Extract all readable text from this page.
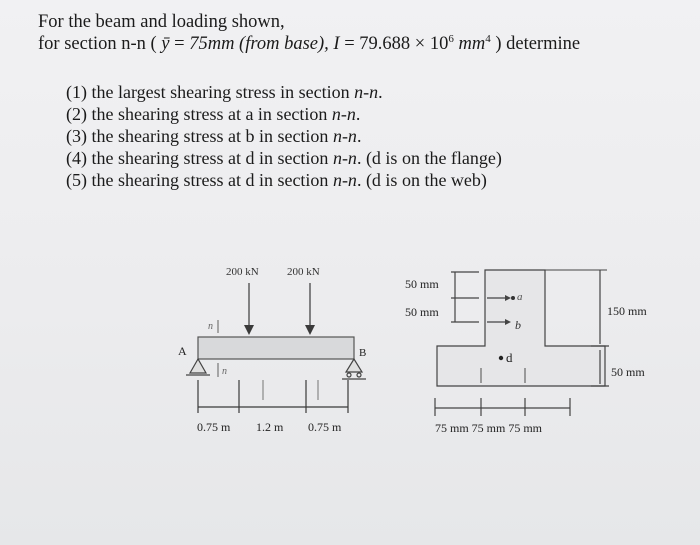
For the beam and loading shown,
for section n-n ( ȳ = 75mm (from base), $I = 79.688 \times 10^6$ $mm^4$ ) determine
(1) the largest shearing stress in section n-n.
(2) the shearing stress at a in section n-n.
(3) the shearing stress at b in section n-n.
(4) the shearing stress at d in section n-n. (d is on the flange)
(5) the shearing stress at d in section n-n. (d is on the web)
200 kN	200 kN
n
n
A	B
0.75 m 1.2 m 0.75 m
50 mm
50 mm
a
b
d
150 mm
50 mm
75 mm 75 mm 75 mm
